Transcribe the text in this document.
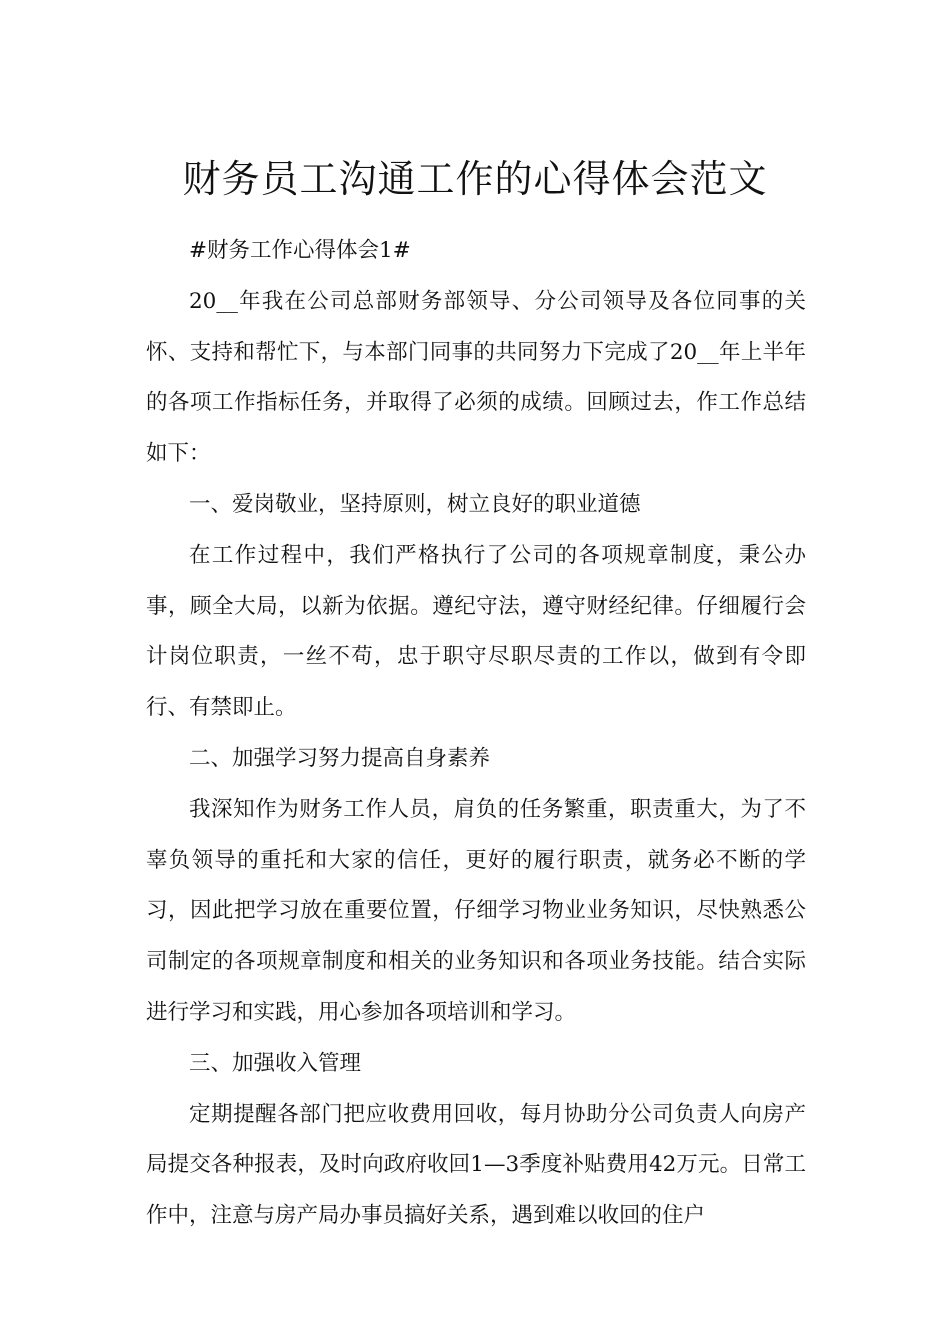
财务员工沟通工作的心得体会范文

#财务工作心得体会1#

20__年我在公司总部财务部领导、分公司领导及各位同事的关怀、支持和帮忙下，与本部门同事的共同努力下完成了20__年上半年的各项工作指标任务，并取得了必须的成绩。回顾过去，作工作总结如下：

一、爱岗敬业，坚持原则，树立良好的职业道德

在工作过程中，我们严格执行了公司的各项规章制度，秉公办事，顾全大局，以新为依据。遵纪守法，遵守财经纪律。仔细履行会计岗位职责，一丝不苟，忠于职守尽职尽责的工作以，做到有令即行、有禁即止。

二、加强学习努力提高自身素养

我深知作为财务工作人员，肩负的任务繁重，职责重大，为了不辜负领导的重托和大家的信任，更好的履行职责，就务必不断的学习，因此把学习放在重要位置，仔细学习物业业务知识，尽快熟悉公司制定的各项规章制度和相关的业务知识和各项业务技能。结合实际进行学习和实践，用心参加各项培训和学习。

三、加强收入管理

定期提醒各部门把应收费用回收，每月协助分公司负责人向房产局提交各种报表，及时向政府收回1—3季度补贴费用42万元。日常工作中，注意与房产局办事员搞好关系，遇到难以收回的住户
